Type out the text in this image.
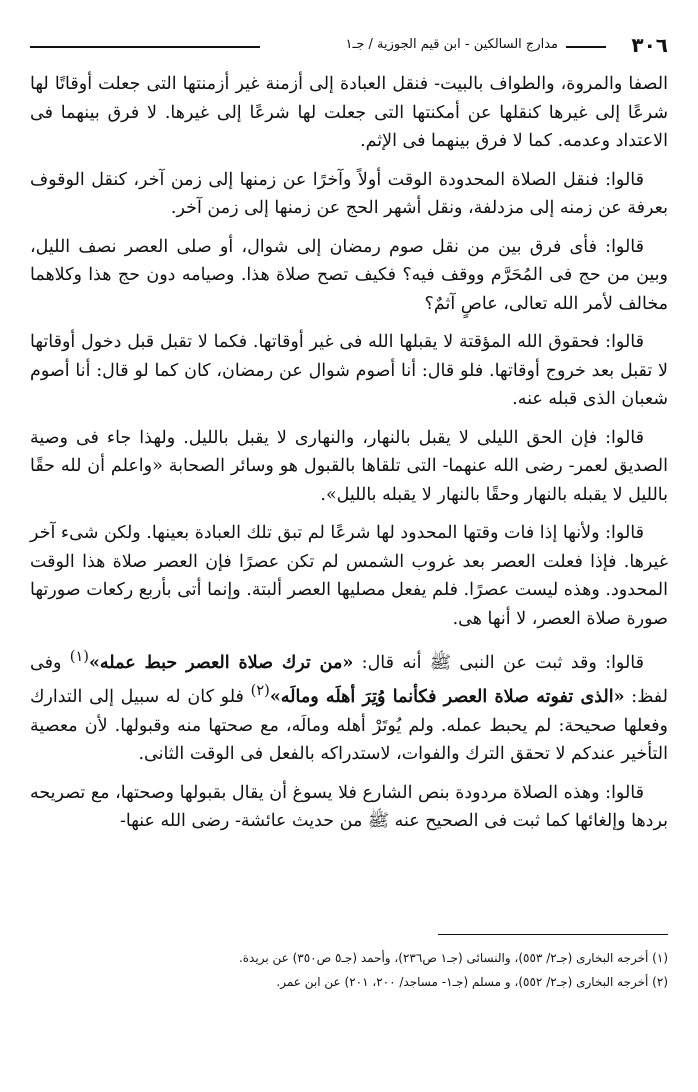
٣٠٦
مدارج السالكين - ابن قيم الجوزية / جـ١

الصفا والمروة، والطواف بالبيت- فنقل العبادة إلى أزمنة غير أزمنتها التى جعلت أوقاتًا لها شرعًا إلى غيرها كنقلها عن أمكنتها التى جعلت لها شرعًا إلى غيرها. لا فرق بينهما فى الاعتداد وعدمه. كما لا فرق بينهما فى الإثم.

قالوا: فنقل الصلاة المحدودة الوقت أولاً وآخرًا عن زمنها إلى زمن آخر، كنقل الوقوف بعرفة عن زمنه إلى مزدلفة، ونقل أشهر الحج عن زمنها إلى زمن آخر.

قالوا: فأى فرق بين من نقل صوم رمضان إلى شوال، أو صلى العصر نصف الليل، وبين من حج فى المُحَرَّم ووقف فيه؟ فكيف تصح صلاة هذا. وصيامه دون حج هذا وكلاهما مخالف لأمر الله تعالى، عاصٍ آثمٌ؟

قالوا: فحقوق الله المؤقتة لا يقبلها الله فى غير أوقاتها. فكما لا تقبل قبل دخول أوقاتها لا تقبل بعد خروج أوقاتها. فلو قال: أنا أصوم شوال عن رمضان، كان كما لو قال: أنا أصوم شعبان الذى قبله عنه.

قالوا: فإن الحق الليلى لا يقبل بالنهار، والنهارى لا يقبل بالليل. ولهذا جاء فى وصية الصديق لعمر- رضى الله عنهما- التى تلقاها بالقبول هو وسائر الصحابة «واعلم أن لله حقًا بالليل لا يقبله بالنهار وحقًا بالنهار لا يقبله بالليل».

قالوا: ولأنها إذا فات وقتها المحدود لها شرعًا لم تبق تلك العبادة بعينها. ولكن شىء آخر غيرها. فإذا فعلت العصر بعد غروب الشمس لم تكن عصرًا فإن العصر صلاة هذا الوقت المحدود. وهذه ليست عصرًا. فلم يفعل مصليها العصر ألبتة. وإنما أتى بأربع ركعات صورتها صورة صلاة العصر، لا أنها هى.

قالوا: وقد ثبت عن النبى ﷺ أنه قال: «من ترك صلاة العصر حبط عمله»$^{(١)}$ وفى لفظ: «الذى تفوته صلاة العصر فكأنما وُتِرَ أهلَه ومالَه»$^{(٢)}$ فلو كان له سبيل إلى التدارك وفعلها صحيحة: لم يحبط عمله. ولم يُوتَرْ أهله ومالَه، مع صحتها منه وقبولها. لأن معصية التأخير عندكم لا تحقق الترك والفوات، لاستدراكه بالفعل فى الوقت الثانى.

قالوا: وهذه الصلاة مردودة بنص الشارع فلا يسوغ أن يقال بقبولها وصحتها، مع تصريحه بردها وإلغائها كما ثبت فى الصحيح عنه ﷺ من حديث عائشة- رضى الله عنها-

(١) أخرجه البخارى (جـ٢/ ٥٥٣)، والنسائى (جـ١ ص٢٣٦)، وأحمد (جـ٥ ص٣٥٠) عن بريدة.
(٢) أخرجه البخارى (جـ٢/ ٥٥٢)، و مسلم (جـ١- مساجد/ ٢٠٠، ٢٠١) عن ابن عمر.
